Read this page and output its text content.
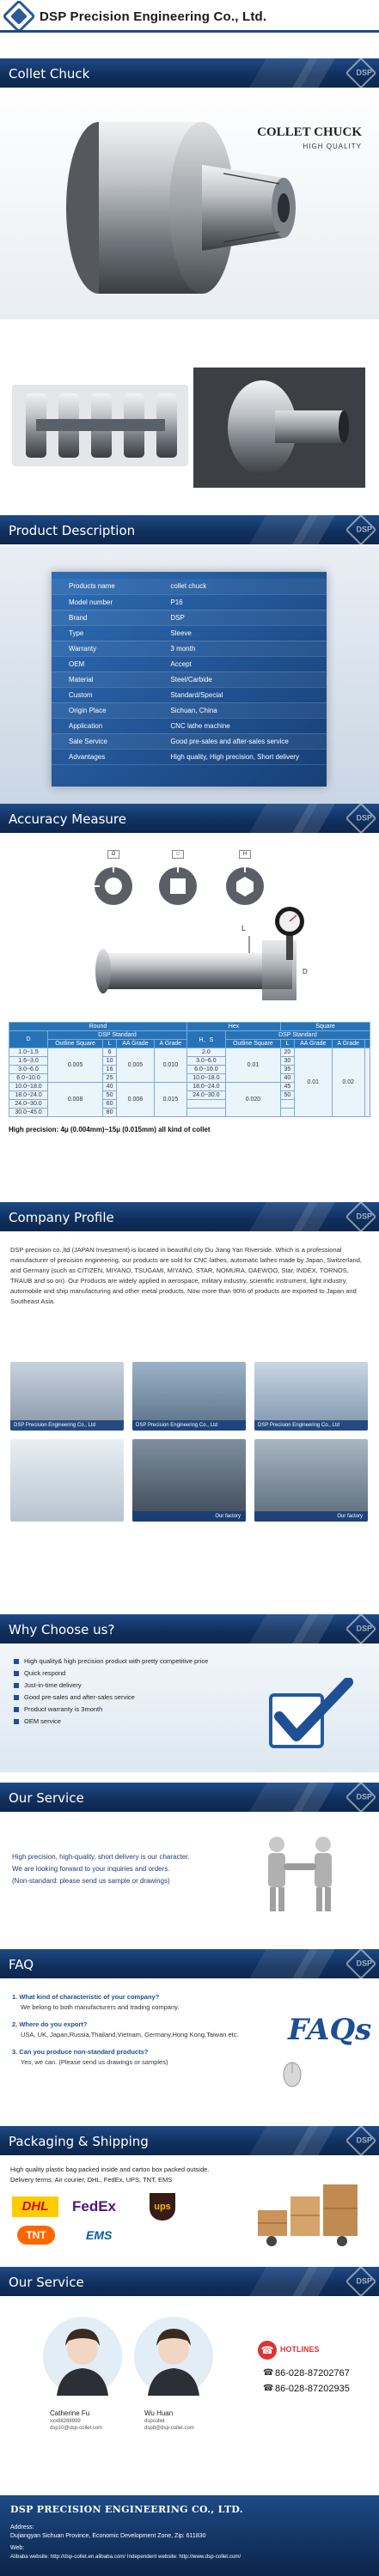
DSP Precision Engineering Co., Ltd.
Collet Chuck	DSP
COLLET CHUCK
HIGH QUALITY
Product Description	DSP
Products name	collet chuck
Model number	P16
Brand	DSP
Type	Sleeve
Warranty	3 month
OEM	Accept
Material	Steel/Carbide
Custom	Standard/Special
Origin Place	Sichuan, China
Application	CNC lathe machine
Sale Service	Good pre-sales and after-sales service
Advantages	High quality, High precision, Short delivery
Accuracy Measure	DSP
O	□	H
L
D
Round					Hex		Square			
D	DSP Standard				H、S	DSP Standard				
	Outline Square	L	AA Grade	A Grade		Outline Square	L	AA Grade	A Grade	
1.0~1.5	0.005	6	0.005	0.010	2.0	0.01	20	0.01	0.02	
1.6~3.0		10			3.0~6.0		30			
3.0~6.0		16			6.0~10.0		35			
6.0~10.0		25			10.0~18.0		40			
10.0~18.0	0.008	40	0.008	0.015	18.0~24.0	0.020	45			
18.0~24.0		50			24.0~30.0		50			
24.0~30.0		60								
30.0~45.0		80								
High precision: 4μ (0.004mm)~15μ (0.015mm) all kind of collet
Company Profile	DSP

DSP precision co.,ltd (JAPAN Investment) is located in beautiful city Du Jiang Yan Riverside. Which is a professional manufacturer of precision engineering, our products are sold for CNC lathes, automatic lathes made by Japan, Switzerland, and Germany (such as CITIZEN, MIYANO, TSUGAMI, MIYANO, STAR, NOMURA, DAEWOO, Star, INDEX, TORNOS, TRAUB and so on). Our Products are widely applied in aerospace, military industry, scientific instrument, light industry, automobile and ship manufacturing and other metal products. Now more than 90% of products are exported to Japan and Southeast Asia.

DSP Precision Engineering Co., Ltd	DSP Precision Engineering Co., Ltd	DSP Precision Engineering Co., Ltd
Our factory	Our factory
Why Choose us?	DSP
High quality& high precision product with pretty competitive price
Quick respond
Just-in-time delivery
Good pre-sales and after-sales service
Product warranty is 3month
OEM service
Our Service	DSP
High precision, high-quality, short delivery is our character.
We are looking forward to your inquiries and orders.
(Non-standard: please send us sample or drawings)
FAQ	DSP
1. What kind of characteristic of your company?
We belong to both manufacturers and trading company.
2. Where do you export?
USA, UK, Japan,Russia,Thailand,Vietnam, Germany,Hong Kong,Taiwan etc.
3. Can you produce non-standard products?
Yes, we can. (Please send us drawings or samples)
FAQs
Packaging & Shipping	DSP
High quality plastic bag packed inside and carton box packed outside.
Delivery terms: Air courier, DHL, FedEx, UPS, TNT, EMS
DHL	FedEx	ups
TNT	EMS
Our Service	DSP
Catherine Fu
xxx88288999
dsp10@dsp-collet.com
Wu Huan
dspcollet
dsp8@dsp-collet.com
☎ HOTLINES
☎ 86-028-87202767
☎ 86-028-87202935
DSP PRECISION ENGINEERING CO., LTD.
Address:
Dujiangyan Sichuan Province, Economic Development Zone, Zip: 611830
Web:
Alibaba website: http://dsp-collet.en.alibaba.com/ Independent website: http://www.dsp-collet.com/
